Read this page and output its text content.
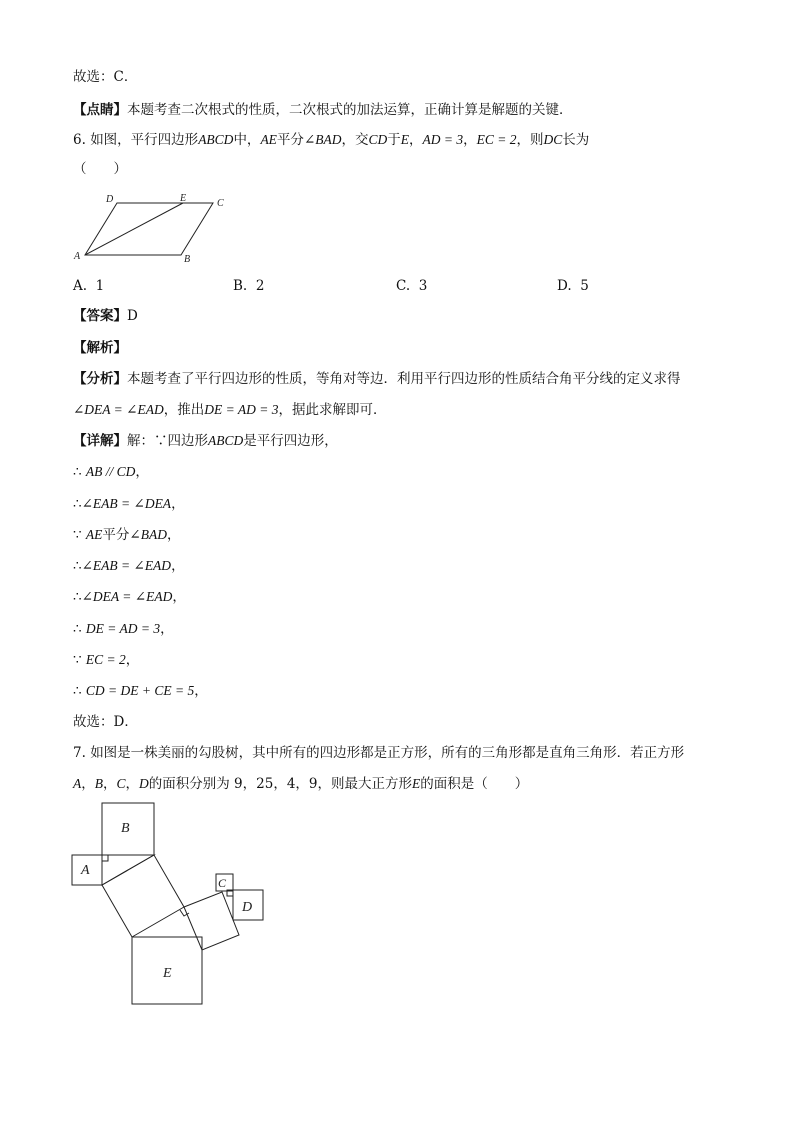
故选：C．
【点睛】本题考查二次根式的性质，二次根式的加法运算，正确计算是解题的关键．
6. 如图，平行四边形ABCD中，AE平分∠BAD，交CD于E，AD = 3，EC = 2，则DC长为
（　　）
D	E	C
A	B
A. 1	B. 2	C. 3	D. 5
【答案】D
【解析】
【分析】本题考查了平行四边形的性质，等角对等边．利用平行四边形的性质结合角平分线的定义求得
∠DEA = ∠EAD，推出DE = AD = 3，据此求解即可．
【详解】解：∵四边形ABCD是平行四边形，
∴ AB // CD，
∴∠EAB = ∠DEA，
∵ AE平分∠BAD，
∴∠EAB = ∠EAD，
∴∠DEA = ∠EAD，
∴ DE = AD = 3，
∵ EC = 2，
∴ CD = DE + CE = 5，
故选：D．
7. 如图是一株美丽的勾股树，其中所有的四边形都是正方形，所有的三角形都是直角三角形．若正方形
A，B，C，D的面积分别为 9，25，4，9，则最大正方形E的面积是（　　）
B
A
C
D
E
